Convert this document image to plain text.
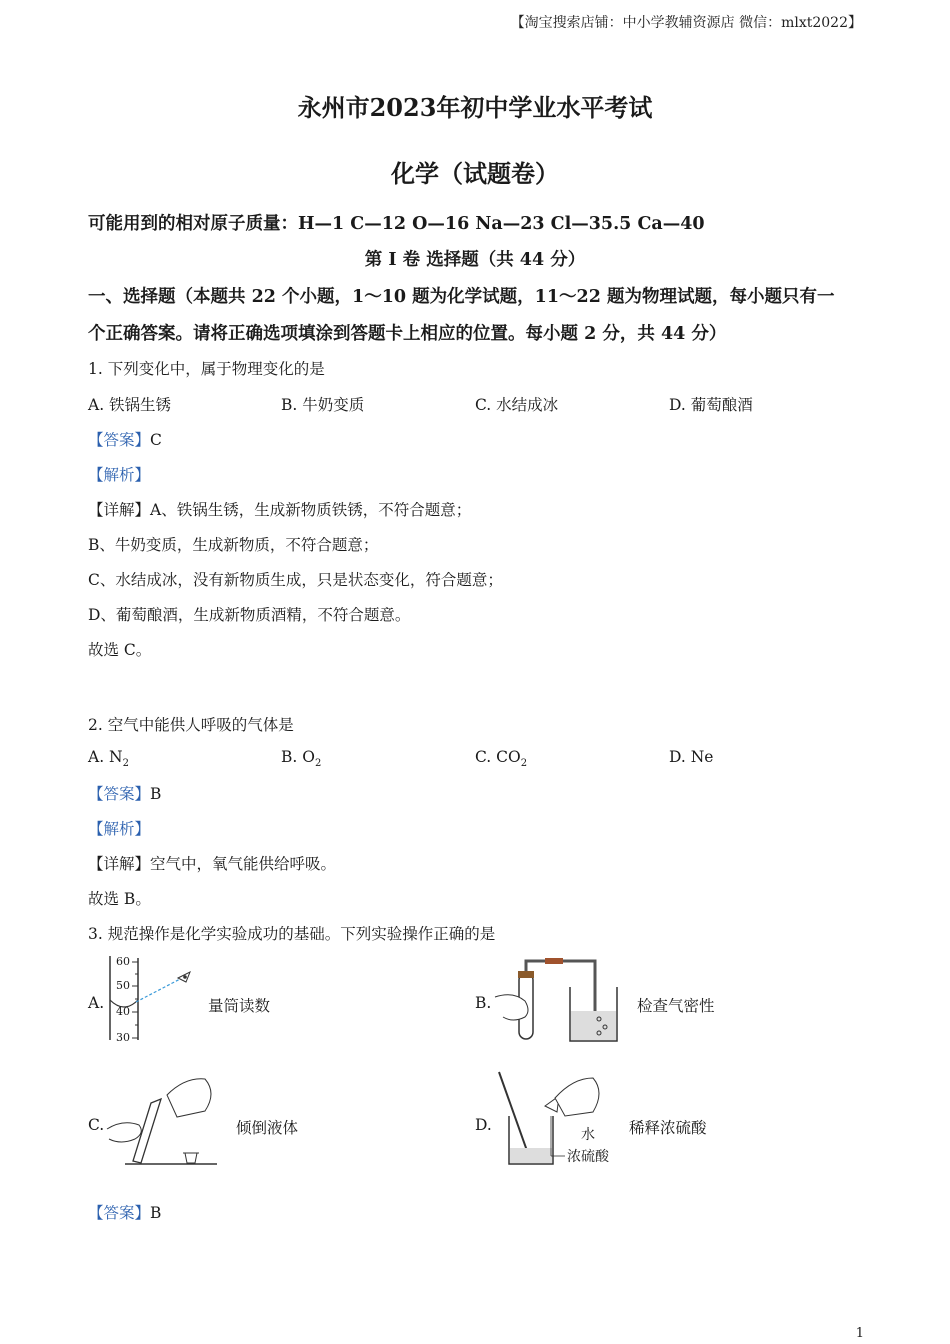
【淘宝搜索店铺：中小学教辅资源店 微信：mlxt2022】
永州市2023年初中学业水平考试
化学（试题卷）
可能用到的相对原子质量：H—1 C—12 O—16 Na—23 Cl—35.5 Ca—40
第 Ⅰ 卷 选择题（共 44 分）
一、选择题（本题共 22 个小题，1～10 题为化学试题，11～22 题为物理试题，每小题只有一
个正确答案。请将正确选项填涂到答题卡上相应的位置。每小题 2 分，共 44 分）
1. 下列变化中，属于物理变化的是
A. 铁锅生锈	B. 牛奶变质	C. 水结成冰	D. 葡萄酿酒
【答案】C
【解析】
【详解】A、铁锅生锈，生成新物质铁锈，不符合题意；
B、牛奶变质，生成新物质，不符合题意；
C、水结成冰，没有新物质生成，只是状态变化，符合题意；
D、葡萄酿酒，生成新物质酒精，不符合题意。
故选 C。
2. 空气中能供人呼吸的气体是
A. $N_2$	B. $O_2$	C. $CO_2$	D. Ne
【答案】B
【解析】
【详解】空气中，氧气能供给呼吸。
故选 B。
3. 规范操作是化学实验成功的基础。下列实验操作正确的是
A.
60
50
40
30
量筒读数	B.	检查气密性
C.	倾倒液体	D.
水
浓硫酸
稀释浓硫酸
【答案】B
1
